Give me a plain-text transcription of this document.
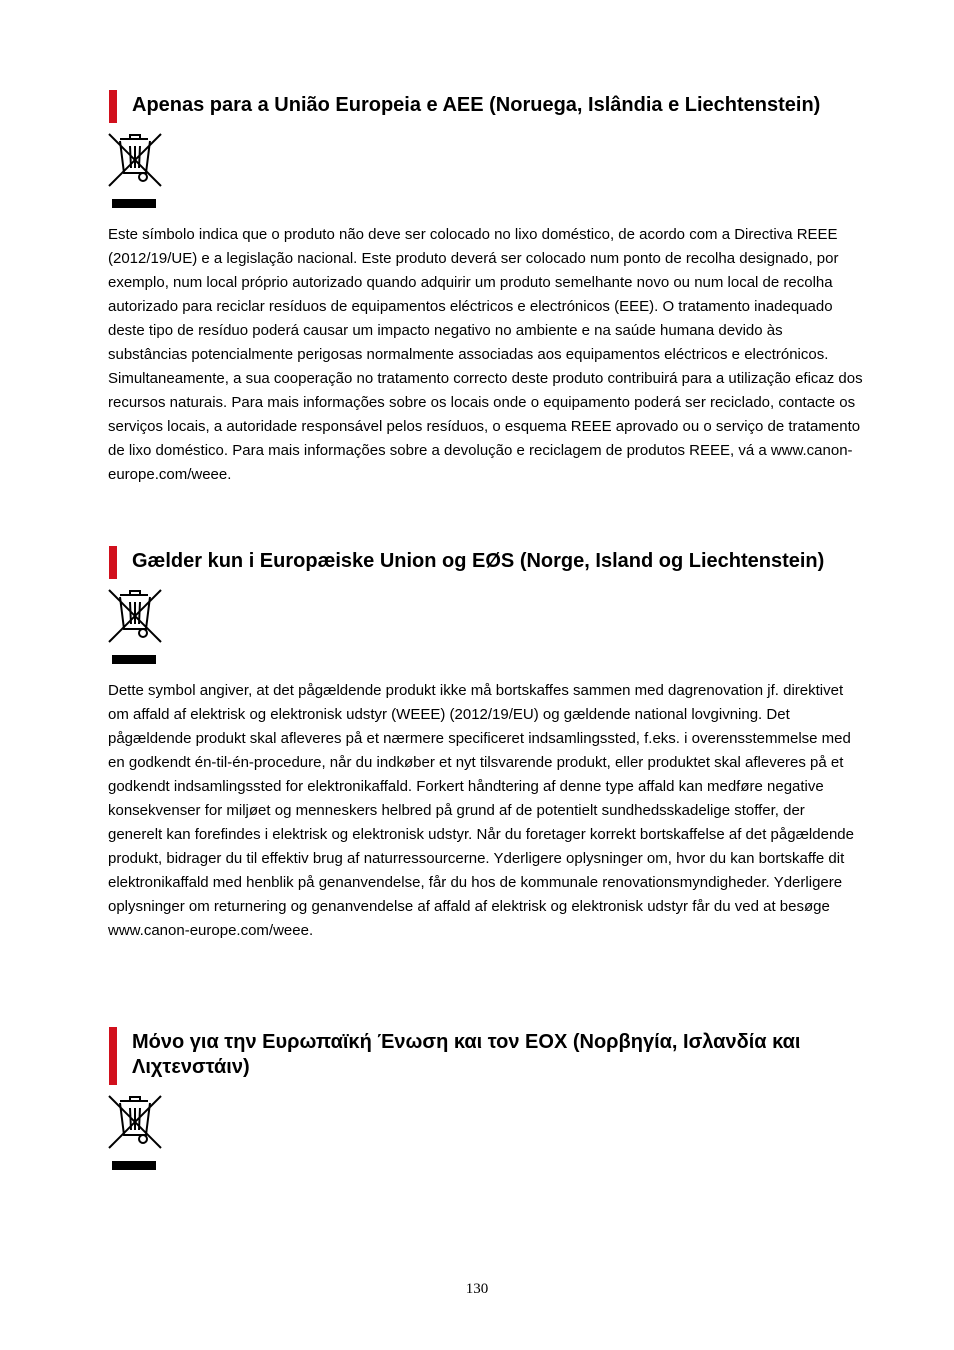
Apenas para a União Europeia e AEE (Noruega, Islândia e Liechtenstein)

Este símbolo indica que o produto não deve ser colocado no lixo doméstico, de acordo com a Directiva REEE (2012/19/UE) e a legislação nacional. Este produto deverá ser colocado num ponto de recolha designado, por exemplo, num local próprio autorizado quando adquirir um produto semelhante novo ou num local de recolha autorizado para reciclar resíduos de equipamentos eléctricos e electrónicos (EEE). O tratamento inadequado deste tipo de resíduo poderá causar um impacto negativo no ambiente e na saúde humana devido às substâncias potencialmente perigosas normalmente associadas aos equipamentos eléctricos e electrónicos. Simultaneamente, a sua cooperação no tratamento correcto deste produto contribuirá para a utilização eficaz dos recursos naturais. Para mais informações sobre os locais onde o equipamento poderá ser reciclado, contacte os serviços locais, a autoridade responsável pelos resíduos, o esquema REEE aprovado ou o serviço de tratamento de lixo doméstico. Para mais informações sobre a devolução e reciclagem de produtos REEE, vá a www.canon-europe.com/weee.

Gælder kun i Europæiske Union og EØS (Norge, Island og Liechtenstein)

Dette symbol angiver, at det pågældende produkt ikke må bortskaffes sammen med dagrenovation jf. direktivet om affald af elektrisk og elektronisk udstyr (WEEE) (2012/19/EU) og gældende national lovgivning. Det pågældende produkt skal afleveres på et nærmere specificeret indsamlingssted, f.eks. i overensstemmelse med en godkendt én-til-én-procedure, når du indkøber et nyt tilsvarende produkt, eller produktet skal afleveres på et godkendt indsamlingssted for elektronikaffald. Forkert håndtering af denne type affald kan medføre negative konsekvenser for miljøet og menneskers helbred på grund af de potentielt sundhedsskadelige stoffer, der generelt kan forefindes i elektrisk og elektronisk udstyr. Når du foretager korrekt bortskaffelse af det pågældende produkt, bidrager du til effektiv brug af naturressourcerne. Yderligere oplysninger om, hvor du kan bortskaffe dit elektronikaffald med henblik på genanvendelse, får du hos de kommunale renovationsmyndigheder. Yderligere oplysninger om returnering og genanvendelse af affald af elektrisk og elektronisk udstyr får du ved at besøge www.canon-europe.com/weee.

Μόνο για την Ευρωπαϊκή Ένωση και τον ΕΟΧ (Νορβηγία, Ισλανδία και Λιχτενστάιν)
130
